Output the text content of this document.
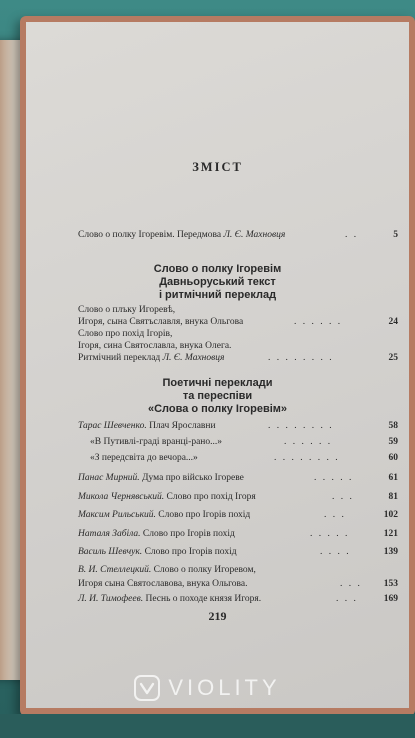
ЗМІСТ
Слово о полку Ігоревім. Передмова Л. Є. Махновця	. .	5
Слово о полку Ігоревім
Давньоруський текст
і ритмічний переклад
Слово о плъку Игоревѣ,
Игоря, сына Святъславля, внука Ольгова	. . . . . .	24
Слово про похід Ігорів,
Ігоря, сина Святославла, внука Олега.
Ритмічний переклад Л. Є. Махновця	. . . . . . . .	25
Поетичні переклади
та переспіви
«Слова о полку Ігоревім»
Тарас Шевченко. Плач Ярославни	. . . . . . . .	58
«В Путивлі-граді вранці-рано...»	. . . . . .	59
«З передсвіта до вечора...»	. . . . . . . .	60
Панас Мирний. Дума про військо Ігореве	. . . . .	61
Микола Чернявський. Слово про похід Ігоря	. . .	81
Максим Рильський. Слово про Ігорів похід	. . .	102
Наталя Забіла. Слово про Ігорів похід	. . . . .	121
Василь Шевчук. Слово про Ігорів похід	. . . .	139
В. И. Стеллецкий. Слово о полку Игоревом,
Игоря сына Святославова, внука Ольгова.	. . . 153
Л. И. Тимофеев. Песнь о походе князя Игоря.	. . .	169
219
VIOLITY
